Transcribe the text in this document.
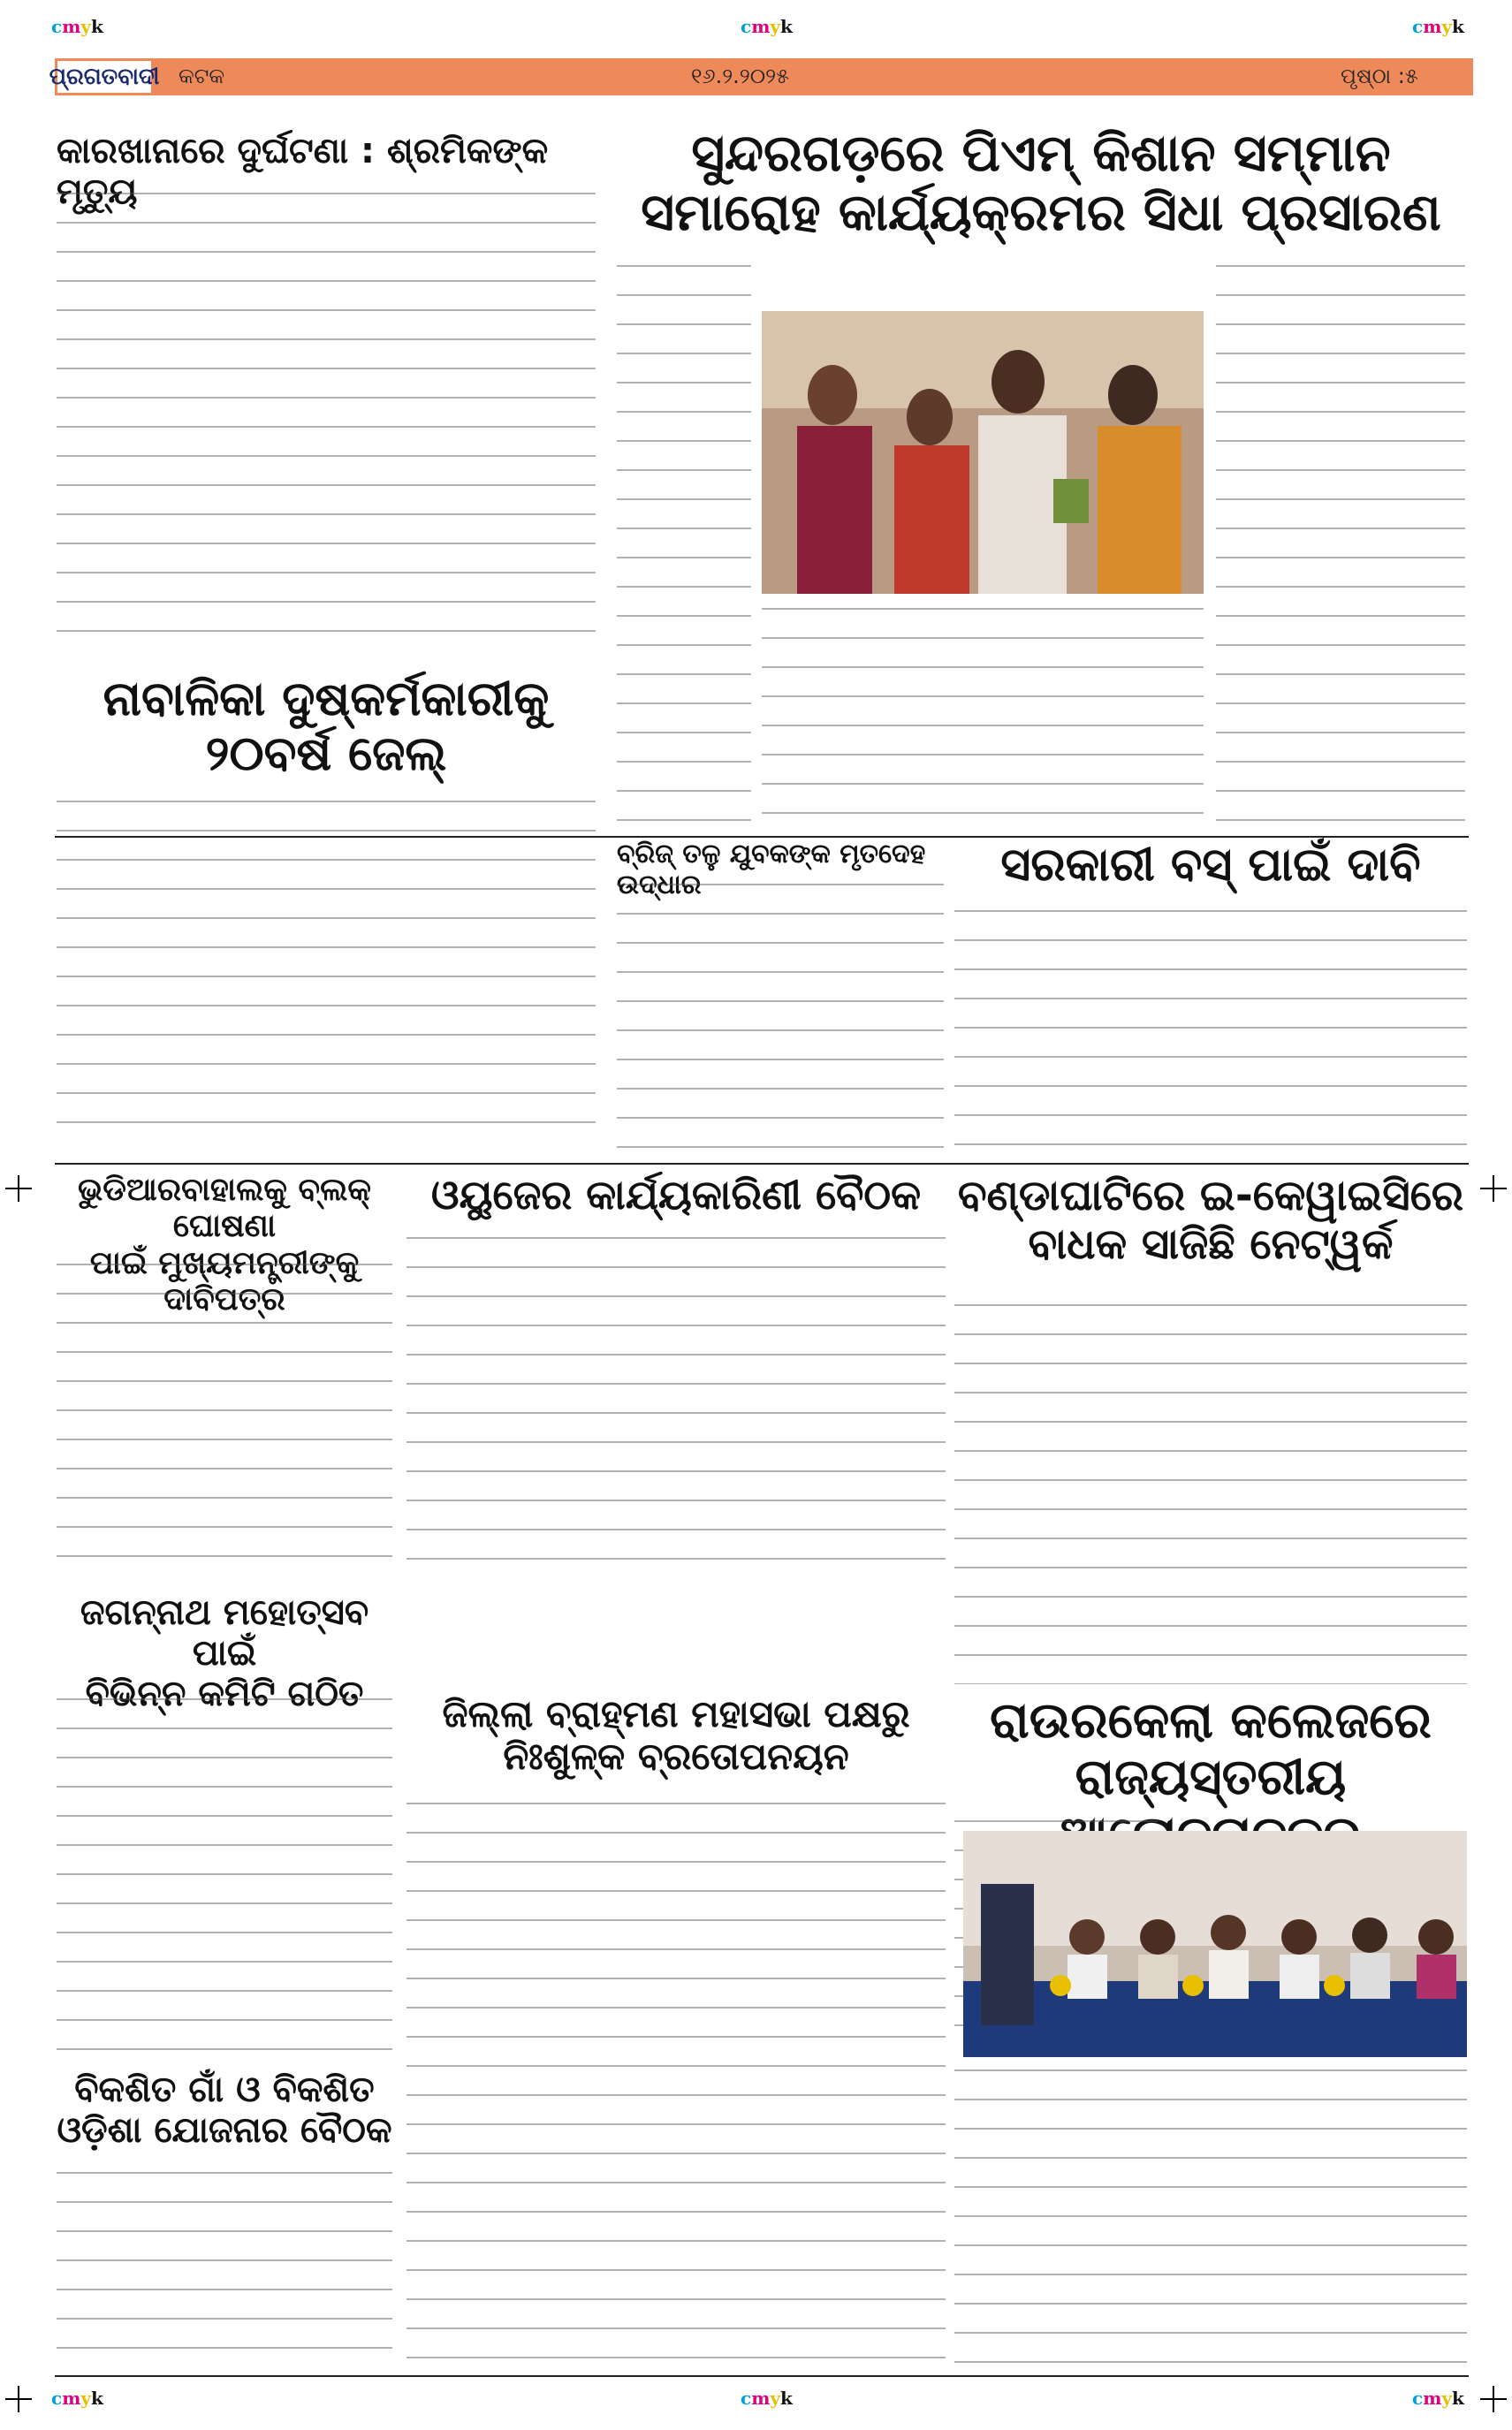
cmyk	cmyk	cmyk
cmyk	cmyk	cmyk
ପ୍ରଗତବାଦୀ କଟକ	୧୬.୨.୨୦୨୫	ପୃଷ୍ଠା :୫
କାରଖାନାରେ ଦୁର୍ଘଟଣା : ଶ୍ରମିକଙ୍କ ମୃତ୍ୟୁ
ସୁନ୍ଦରଗଡ଼ରେ ପିଏମ୍ କିଶାନ ସମ୍ମାନ
ସମାରୋହ କାର୍ଯ୍ୟକ୍ରମର ସିଧା ପ୍ରସାରଣ
ନାବାଳିକା ଦୁଷ୍କର୍ମକାରୀକୁ
୨୦ବର୍ଷ ଜେଲ୍
ବ୍ରିଜ୍ ତଳୁ ଯୁବକଙ୍କ ମୃତଦେହ ଉଦ୍ଧାର	ସରକାରୀ ବସ୍ ପାଇଁ ଦାବି
ଭୁଡିଆରବାହାଲକୁ ବ୍ଲକ୍ ଘୋଷଣା
ପାଇଁ ମୁଖ୍ୟମନ୍ତ୍ରୀଙ୍କୁ ଦାବିପତ୍ର
ଓୟୁଜେର କାର୍ଯ୍ୟକାରିଣୀ ବୈଠକ ବଣ୍ଡାଘାଟିରେ ଇ-କେୱାଇସିରେ
ବାଧକ ସାଜିଛି ନେଟ୍ୱର୍କ
ଜଗନ୍ନାଥ ମହୋତ୍ସବ ପାଇଁ
ବିଭିନ୍ନ କମିଟି ଗଠିତ	ଜିଲ୍ଲା ବ୍ରାହ୍ମଣ ମହାସଭା ପକ୍ଷରୁ
ନିଃଶୁଳ୍କ ବ୍ରତୋପନୟନ
ରାଉରକେଲା କଲେଜରେ
ରାଜ୍ୟସ୍ତରୀୟ
ବିକଶିତ ଗାଁ ଓ ବିକଶିତ
ଓଡ଼ିଶା ଯୋଜନାର ବୈଠକ
